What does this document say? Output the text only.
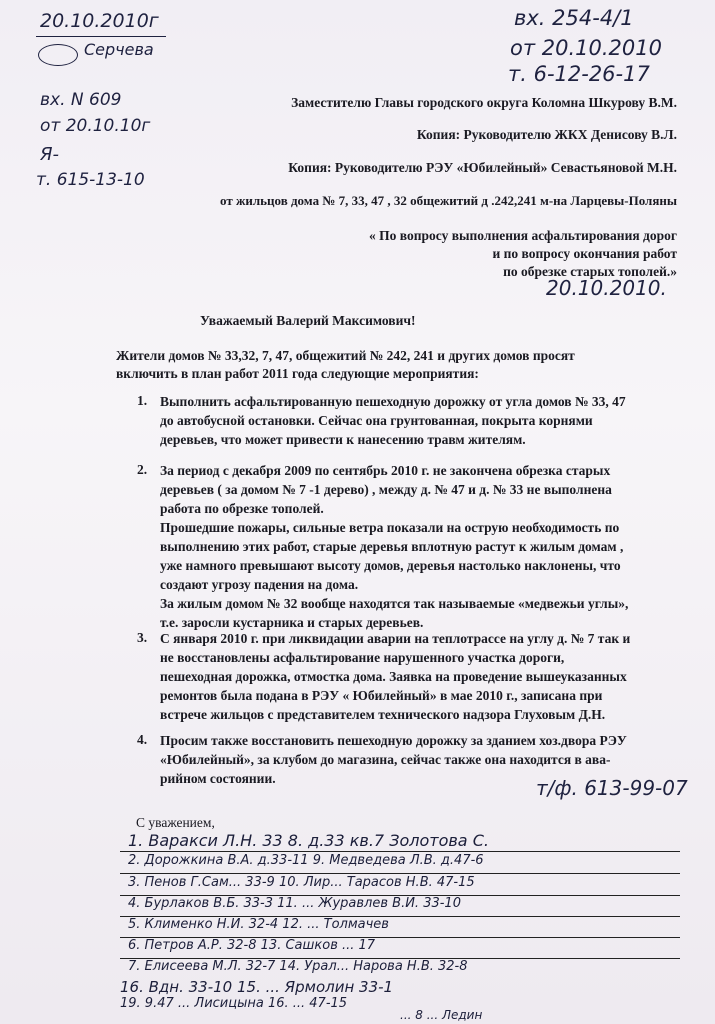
20.10.2010г
Серчева
вх. N 609
от 20.10.10г
Я-
т. 615-13-10
вх. 254-4/1
от 20.10.2010
т. 6-12-26-17
Заместителю Главы городского округа Коломна Шкурову В.М.
Копия: Руководителю ЖКХ Денисову В.Л.
Копия: Руководителю РЭУ «Юбилейный» Севастьяновой М.Н.
от жильцов дома № 7, 33, 47 , 32 общежитий д .242,241 м-на Ларцевы-Поляны
« По вопросу выполнения асфальтирования дорог
и по вопросу окончания работ
по обрезке старых тополей.»
20.10.2010.
Уважаемый Валерий Максимович!
Жители домов № 33,32, 7, 47, общежитий № 242, 241 и других домов просят
включить в план работ 2011 года следующие мероприятия:
1. Выполнить асфальтированную пешеходную дорожку от угла домов № 33, 47
до автобусной остановки. Сейчас она грунтованная, покрыта корнями
деревьев, что может привести к нанесению травм жителям.
2. За период с декабря 2009 по сентябрь 2010 г. не закончена обрезка старых
деревьев ( за домом № 7 -1 дерево) , между д. № 47 и д. № 33 не выполнена
работа по обрезке тополей.
Прошедшие пожары, сильные ветра показали на острую необходимость по
выполнению этих работ, старые деревья вплотную растут к жилым домам ,
уже намного превышают высоту домов, деревья настолько наклонены, что
создают угрозу падения на дома.
За жилым домом № 32 вообще находятся так называемые «медвежьи углы»,
т.е. заросли кустарника и старых деревьев.
3. С января 2010 г. при ликвидации аварии на теплотрассе на углу д. № 7 так и
не восстановлены асфальтирование нарушенного участка дороги,
пешеходная дорожка, отмостка дома. Заявка на проведение вышеуказанных
ремонтов была подана в РЭУ « Юбилейный» в мае 2010 г., записана при
встрече жильцов с представителем технического надзора Глуховым Д.Н.
4. Просим также восстановить пешеходную дорожку за зданием хоз.двора РЭУ
«Юбилейный», за клубом до магазина, сейчас также она находится в ава-
рийном состоянии.	т/ф. 613-99-07
С уважением,
1. Варакси Л.Н. 33 8. д.33 кв.7 Золотова С.
2. Дорожкина В.А. д.33-11 9. Медведева Л.В. д.47-6
3. Пенов Г.Сам... 33-9 10. Лир... Тарасов Н.В. 47-15
4. Бурлаков В.Б. 33-3 11. ... Журавлев В.И. 33-10
5. Клименко Н.И. 32-4 12. ... Толмачев
6. Петров А.Р. 32-8 13. Сашков ... 17
7. Елисеева М.Л. 32-7 14. Урал... Нарова Н.В. 32-8
16. Вдн. 33-10 15. ... Ярмолин 33-1
19. 9.47 ... Лисицына 16. ... 47-15
... 8 ... Ледин
